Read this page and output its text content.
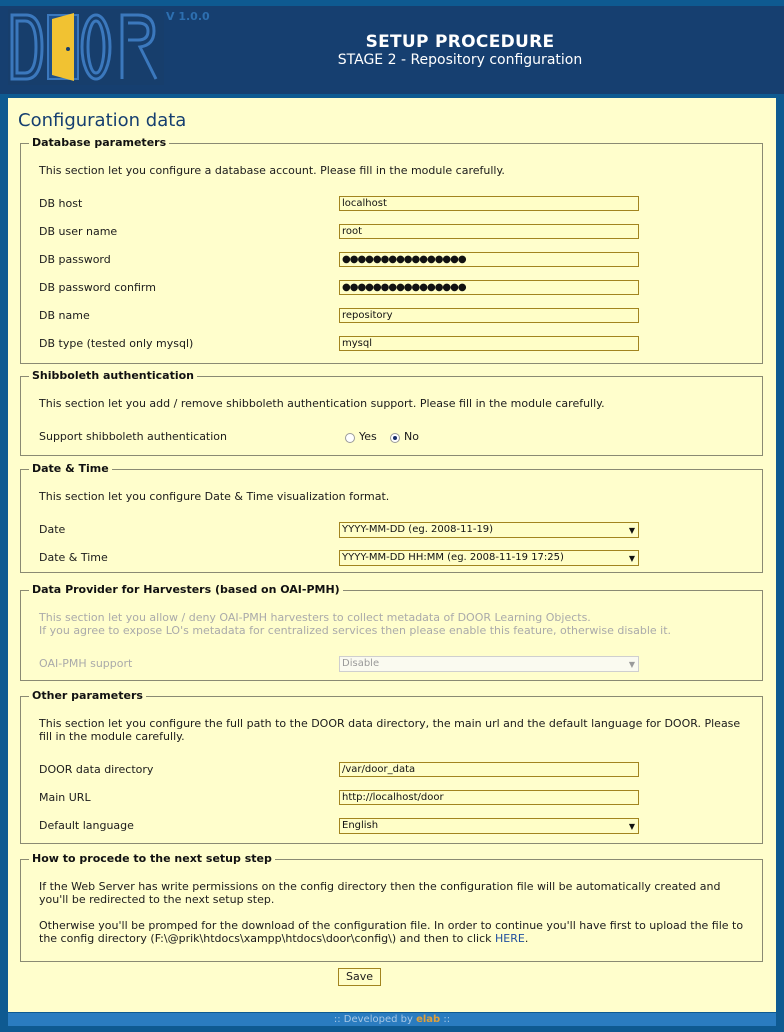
V 1.0.0
SETUP PROCEDURE
STAGE 2 - Repository configuration
Configuration data
Database parameters
This section let you configure a database account. Please fill in the module carefully.
DB host	localhost
DB user name	root
DB password	●●●●●●●●●●●●●●●●
DB password confirm	●●●●●●●●●●●●●●●●
DB name	repository
DB type (tested only mysql)	mysql
Shibboleth authentication
This section let you add / remove shibboleth authentication support. Please fill in the module carefully.
Support shibboleth authentication	Yes No
Date & Time
This section let you configure Date & Time visualization format.
Date	YYYY-MM-DD (eg. 2008-11-19)	▼
Date & Time	YYYY-MM-DD HH:MM (eg. 2008-11-19 17:25)	▼
Data Provider for Harvesters (based on OAI-PMH)
This section let you allow / deny OAI-PMH harvesters to collect metadata of DOOR Learning Objects.
If you agree to expose LO's metadata for centralized services then please enable this feature, otherwise disable it.
OAI-PMH support	Disable	▼
Other parameters
This section let you configure the full path to the DOOR data directory, the main url and the default language for DOOR. Please fill in the module carefully.
DOOR data directory	/var/door_data
Main URL	http://localhost/door
Default language	English	▼
How to procede to the next setup step
If the Web Server has write permissions on the config directory then the configuration file will be automatically created and you'll be redirected to the next setup step.
Otherwise you'll be promped for the download of the configuration file. In order to continue you'll have first to upload the file to the config directory (F:\@prik\htdocs\xampp\htdocs\door\config\) and then to click HERE.
Save
:: Developed by elab ::
